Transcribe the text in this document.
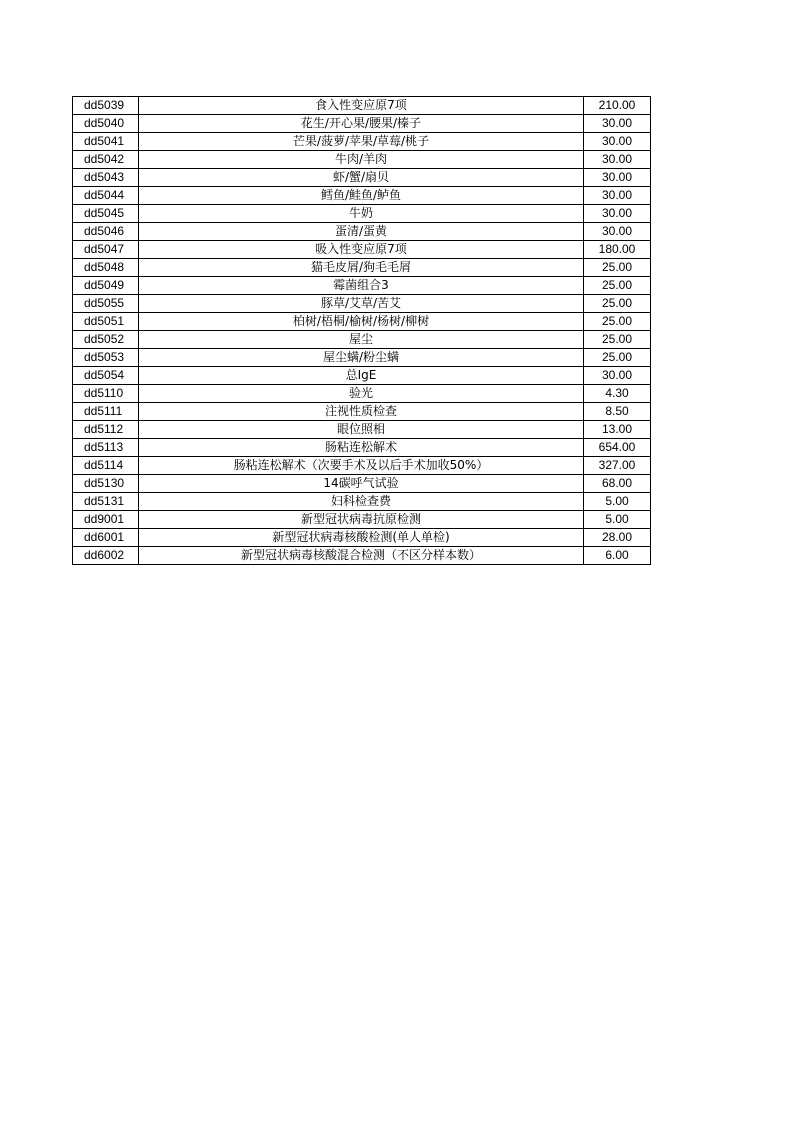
dd5039	食入性变应原7项	210.00
dd5040	花生/开心果/腰果/榛子	30.00
dd5041	芒果/菠萝/苹果/草莓/桃子	30.00
dd5042	牛肉/羊肉	30.00
dd5043	虾/蟹/扇贝	30.00
dd5044	鳕鱼/鲑鱼/鲈鱼	30.00
dd5045	牛奶	30.00
dd5046	蛋清/蛋黄	30.00
dd5047	吸入性变应原7项	180.00
dd5048	猫毛皮屑/狗毛毛屑	25.00
dd5049	霉菌组合3	25.00
dd5055	豚草/艾草/苦艾	25.00
dd5051	柏树/梧桐/榆树/杨树/柳树	25.00
dd5052	屋尘	25.00
dd5053	屋尘螨/粉尘螨	25.00
dd5054	总IgE	30.00
dd5110	验光	4.30
dd5111	注视性质检查	8.50
dd5112	眼位照相	13.00
dd5113	肠粘连松解术	654.00
dd5114	肠粘连松解术（次要手术及以后手术加收50%）	327.00
dd5130	14碳呼气试验	68.00
dd5131	妇科检查费	5.00
dd9001	新型冠状病毒抗原检测	5.00
dd6001	新型冠状病毒核酸检测(单人单检)	28.00
dd6002	新型冠状病毒核酸混合检测（不区分样本数）	6.00
